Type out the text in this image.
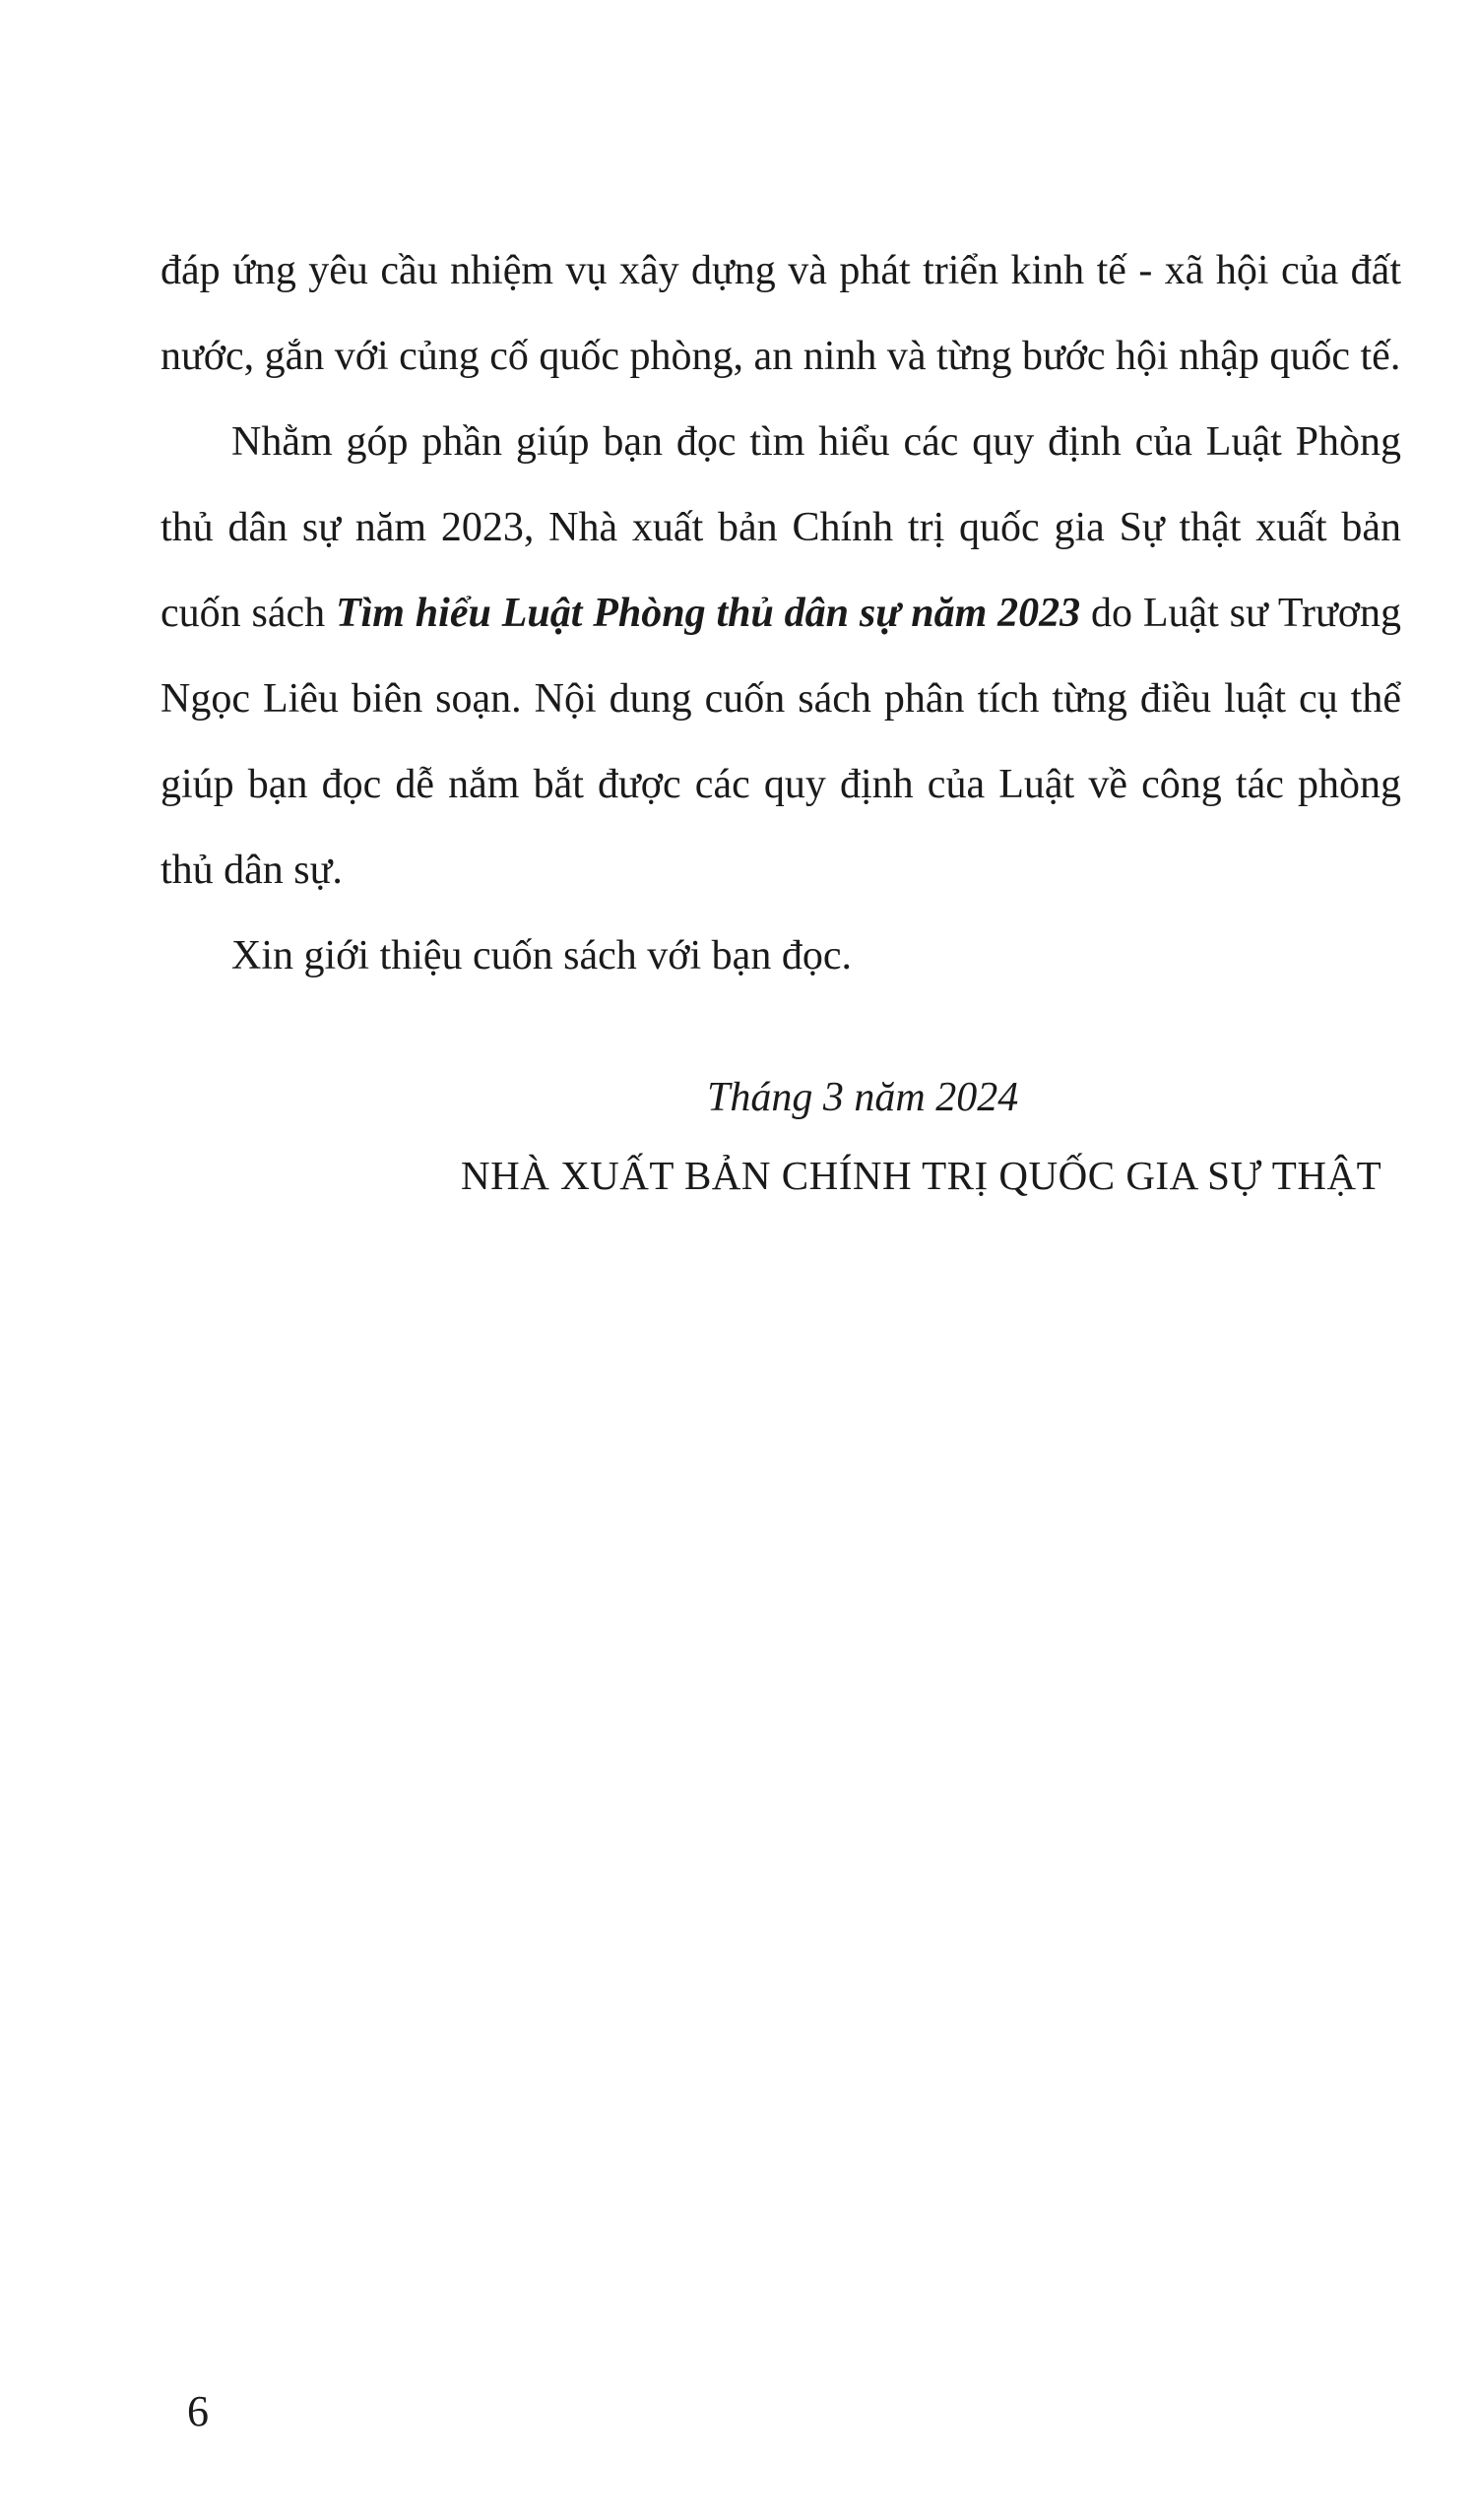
đáp ứng yêu cầu nhiệm vụ xây dựng và phát triển kinh tế - xã hội của đất nước, gắn với củng cố quốc phòng, an ninh và từng bước hội nhập quốc tế.

Nhằm góp phần giúp bạn đọc tìm hiểu các quy định của Luật Phòng thủ dân sự năm 2023, Nhà xuất bản Chính trị quốc gia Sự thật xuất bản cuốn sách Tìm hiểu Luật Phòng thủ dân sự năm 2023 do Luật sư Trương Ngọc Liêu biên soạn. Nội dung cuốn sách phân tích từng điều luật cụ thể giúp bạn đọc dễ nắm bắt được các quy định của Luật về công tác phòng thủ dân sự.

Xin giới thiệu cuốn sách với bạn đọc.

Tháng 3 năm 2024
NHÀ XUẤT BẢN CHÍNH TRỊ QUỐC GIA SỰ THẬT
6
